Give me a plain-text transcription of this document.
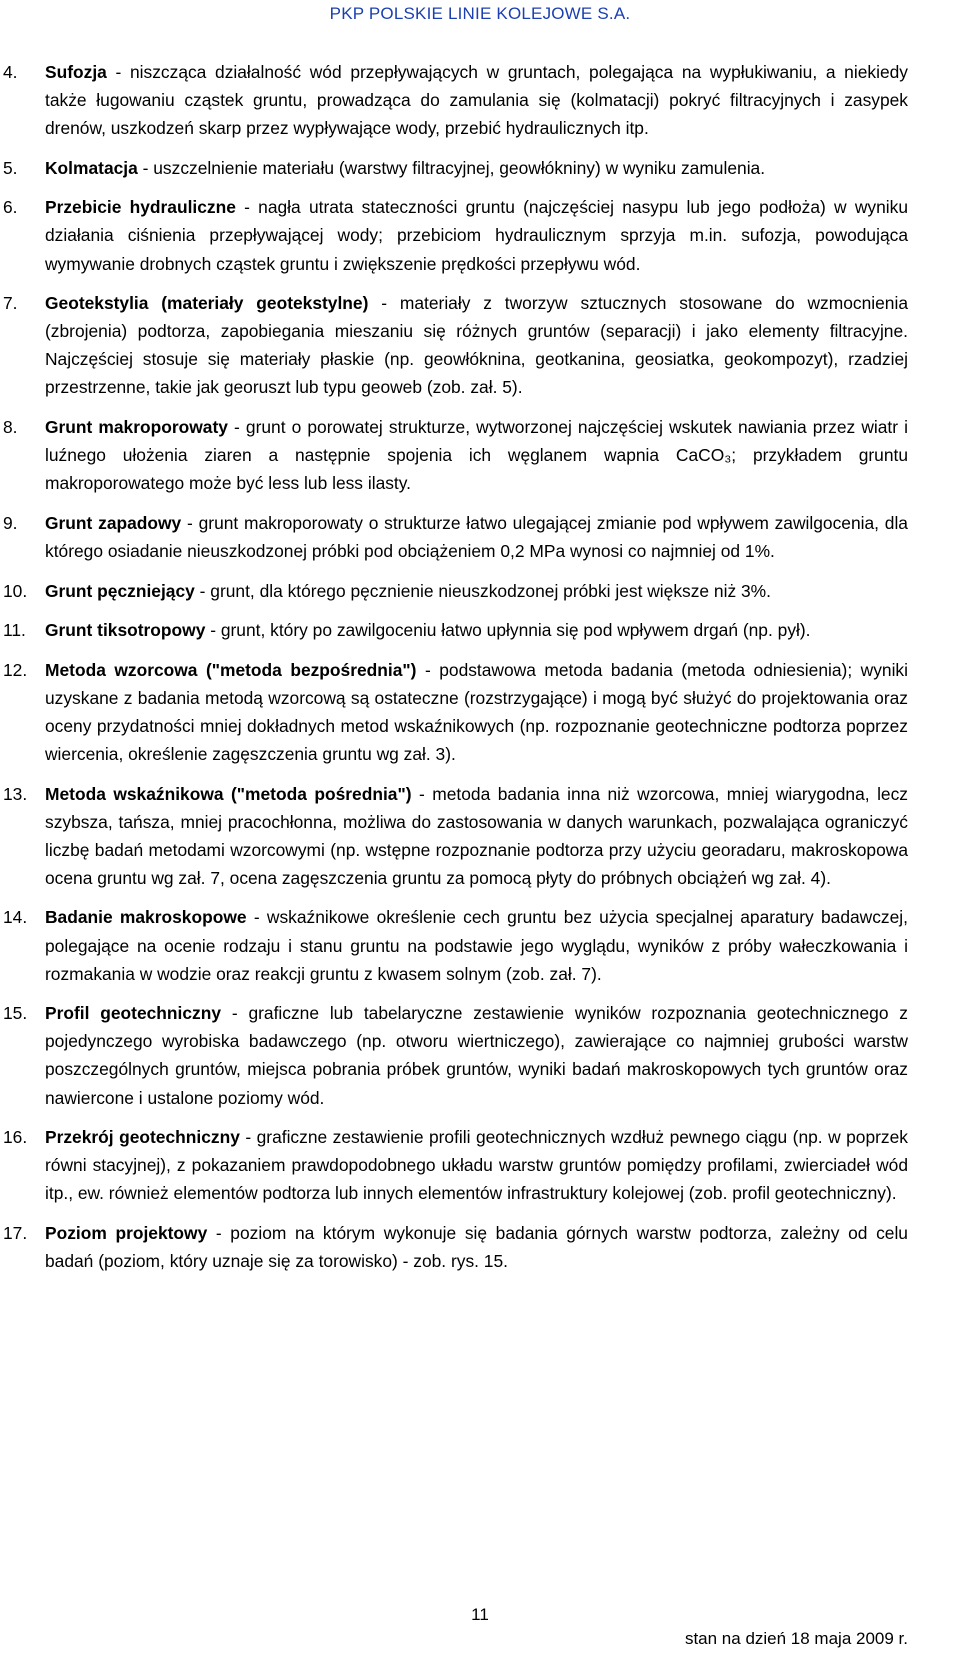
PKP POLSKIE LINIE KOLEJOWE S.A.
4. Sufozja - niszcząca działalność wód przepływających w gruntach, polegająca na wypłukiwaniu, a niekiedy także ługowaniu cząstek gruntu, prowadząca do zamulania się (kolmatacji) pokryć filtracyjnych i zasypek drenów, uszkodzeń skarp przez wypływające wody, przebić hydraulicznych itp.
5. Kolmatacja - uszczelnienie materiału (warstwy filtracyjnej, geowłókniny) w wyniku zamulenia.
6. Przebicie hydrauliczne - nagła utrata stateczności gruntu (najczęściej nasypu lub jego podłoża) w wyniku działania ciśnienia przepływającej wody; przebiciom hydraulicznym sprzyja m.in. sufozja, powodująca wymywanie drobnych cząstek gruntu i zwiększenie prędkości przepływu wód.
7. Geotekstylia (materiały geotekstylne) - materiały z tworzyw sztucznych stosowane do wzmocnienia (zbrojenia) podtorza, zapobiegania mieszaniu się różnych gruntów (separacji) i jako elementy filtracyjne. Najczęściej stosuje się materiały płaskie (np. geowłóknina, geotkanina, geosiatka, geokompozyt), rzadziej przestrzenne, takie jak georuszt lub typu geoweb (zob. zał. 5).
8. Grunt makroporowaty - grunt o porowatej strukturze, wytworzonej najczęściej wskutek nawiania przez wiatr i luźnego ułożenia ziaren a następnie spojenia ich węglanem wapnia CaCO₃; przykładem gruntu makroporowatego może być less lub less ilasty.
9. Grunt zapadowy - grunt makroporowaty o strukturze łatwo ulegającej zmianie pod wpływem zawilgocenia, dla którego osiadanie nieuszkodzonej próbki pod obciążeniem 0,2 MPa wynosi co najmniej od 1%.
10. Grunt pęczniejący - grunt, dla którego pęcznienie nieuszkodzonej próbki jest większe niż 3%.
11. Grunt tiksotropowy - grunt, który po zawilgoceniu łatwo upłynnia się pod wpływem drgań (np. pył).
12. Metoda wzorcowa ("metoda bezpośrednia") - podstawowa metoda badania (metoda odniesienia); wyniki uzyskane z badania metodą wzorcową są ostateczne (rozstrzygające) i mogą być służyć do projektowania oraz oceny przydatności mniej dokładnych metod wskaźnikowych (np. rozpoznanie geotechniczne podtorza poprzez wiercenia, określenie zagęszczenia gruntu wg zał. 3).
13. Metoda wskaźnikowa ("metoda pośrednia") - metoda badania inna niż wzorcowa, mniej wiarygodna, lecz szybsza, tańsza, mniej pracochłonna, możliwa do zastosowania w danych warunkach, pozwalająca ograniczyć liczbę badań metodami wzorcowymi (np. wstępne rozpoznanie podtorza przy użyciu georadaru, makroskopowa ocena gruntu wg zał. 7, ocena zagęszczenia gruntu za pomocą płyty do próbnych obciążeń wg zał. 4).
14. Badanie makroskopowe - wskaźnikowe określenie cech gruntu bez użycia specjalnej aparatury badawczej, polegające na ocenie rodzaju i stanu gruntu na podstawie jego wyglądu, wyników z próby wałeczkowania i rozmakania w wodzie oraz reakcji gruntu z kwasem solnym (zob. zał. 7).
15. Profil geotechniczny - graficzne lub tabelaryczne zestawienie wyników rozpoznania geotechnicznego z pojedynczego wyrobiska badawczego (np. otworu wiertniczego), zawierające co najmniej grubości warstw poszczególnych gruntów, miejsca pobrania próbek gruntów, wyniki badań makroskopowych tych gruntów oraz nawiercone i ustalone poziomy wód.
16. Przekrój geotechniczny - graficzne zestawienie profili geotechnicznych wzdłuż pewnego ciągu (np. w poprzek równi stacyjnej), z pokazaniem prawdopodobnego układu warstw gruntów pomiędzy profilami, zwierciadeł wód itp., ew. również elementów podtorza lub innych elementów infrastruktury kolejowej (zob. profil geotechniczny).
17. Poziom projektowy - poziom na którym wykonuje się badania górnych warstw podtorza, zależny od celu badań (poziom, który uznaje się za torowisko) - zob. rys. 15.
11
stan na dzień 18 maja 2009 r.
